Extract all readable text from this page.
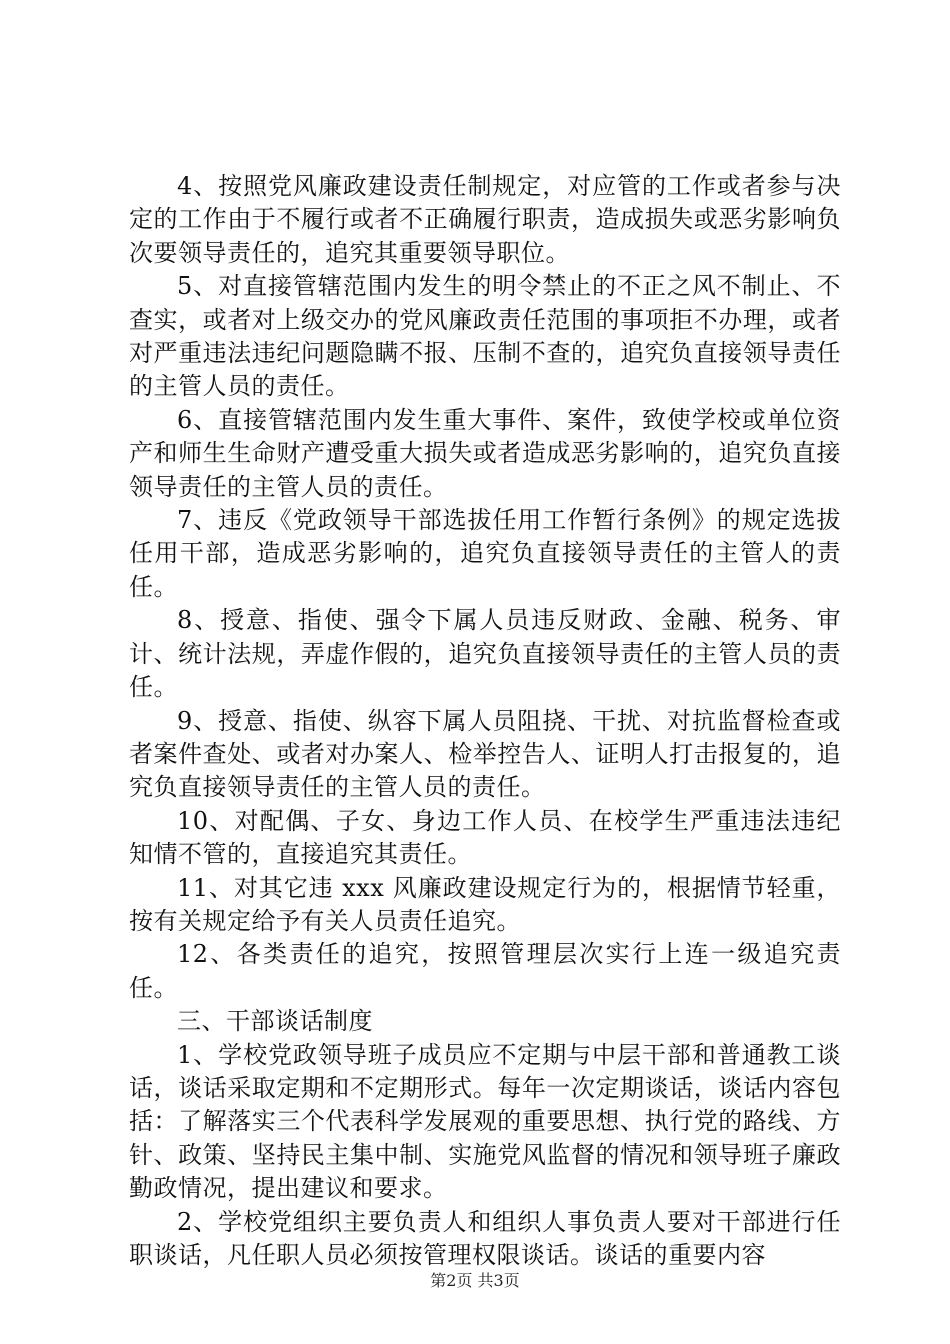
4、按照党风廉政建设责任制规定，对应管的工作或者参与决定的工作由于不履行或者不正确履行职责，造成损失或恶劣影响负次要领导责任的，追究其重要领导职位。

5、对直接管辖范围内发生的明令禁止的不正之风不制止、不查实，或者对上级交办的党风廉政责任范围的事项拒不办理，或者对严重违法违纪问题隐瞒不报、压制不查的，追究负直接领导责任的主管人员的责任。

6、直接管辖范围内发生重大事件、案件，致使学校或单位资产和师生生命财产遭受重大损失或者造成恶劣影响的，追究负直接领导责任的主管人员的责任。

7、违反《党政领导干部选拔任用工作暂行条例》的规定选拔任用干部，造成恶劣影响的，追究负直接领导责任的主管人的责任。

8、授意、指使、强令下属人员违反财政、金融、税务、审计、统计法规，弄虚作假的，追究负直接领导责任的主管人员的责任。

9、授意、指使、纵容下属人员阻挠、干扰、对抗监督检查或者案件查处、或者对办案人、检举控告人、证明人打击报复的，追究负直接领导责任的主管人员的责任。

10、对配偶、子女、身边工作人员、在校学生严重违法违纪知情不管的，直接追究其责任。

11、对其它违 xxx 风廉政建设规定行为的，根据情节轻重，按有关规定给予有关人员责任追究。

12、各类责任的追究，按照管理层次实行上连一级追究责任。

三、干部谈话制度

1、学校党政领导班子成员应不定期与中层干部和普通教工谈话，谈话采取定期和不定期形式。每年一次定期谈话，谈话内容包括：了解落实三个代表科学发展观的重要思想、执行党的路线、方针、政策、坚持民主集中制、实施党风监督的情况和领导班子廉政勤政情况，提出建议和要求。

2、学校党组织主要负责人和组织人事负责人要对干部进行任职谈话，凡任职人员必须按管理权限谈话。谈话的重要内容

第2页 共3页
